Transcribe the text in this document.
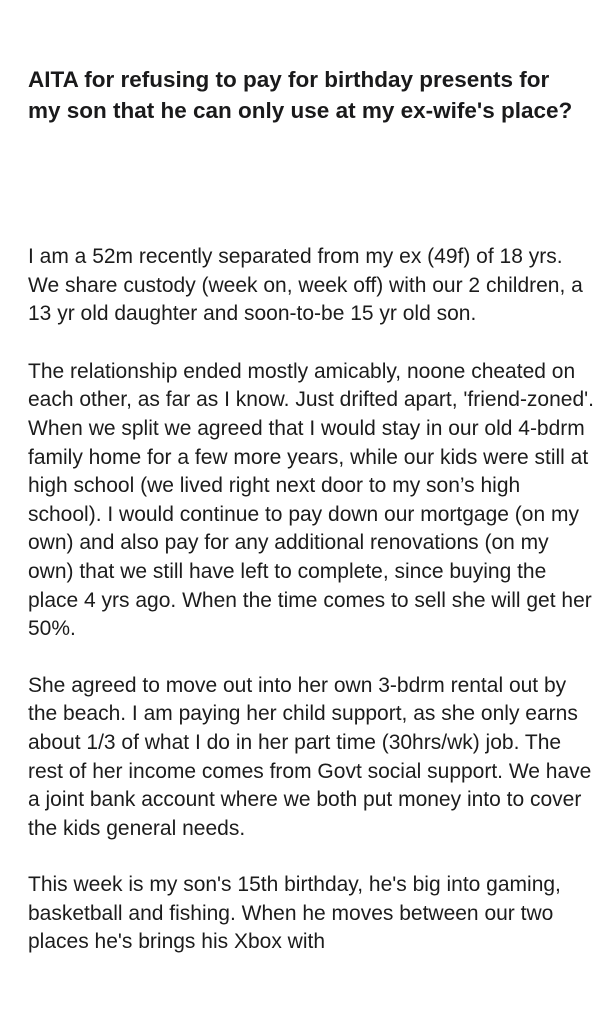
AITA for refusing to pay for birthday presents for my son that he can only use at my ex-wife's place?

I am a 52m recently separated from my ex (49f) of 18 yrs. We share custody (week on, week off) with our 2 children, a 13 yr old daughter and soon-to-be 15 yr old son.

The relationship ended mostly amicably, noone cheated on each other, as far as I know. Just drifted apart, 'friend-zoned'. When we split we agreed that I would stay in our old 4-bdrm family home for a few more years, while our kids were still at high school (we lived right next door to my son’s high school). I would continue to pay down our mortgage (on my own) and also pay for any additional renovations (on my own) that we still have left to complete, since buying the place 4 yrs ago. When the time comes to sell she will get her 50%.

She agreed to move out into her own 3-bdrm rental out by the beach. I am paying her child support, as she only earns about 1/3 of what I do in her part time (30hrs/wk) job. The rest of her income comes from Govt social support. We have a joint bank account where we both put money into to cover the kids general needs.

This week is my son's 15th birthday, he's big into gaming, basketball and fishing. When he moves between our two places he's brings his Xbox with
